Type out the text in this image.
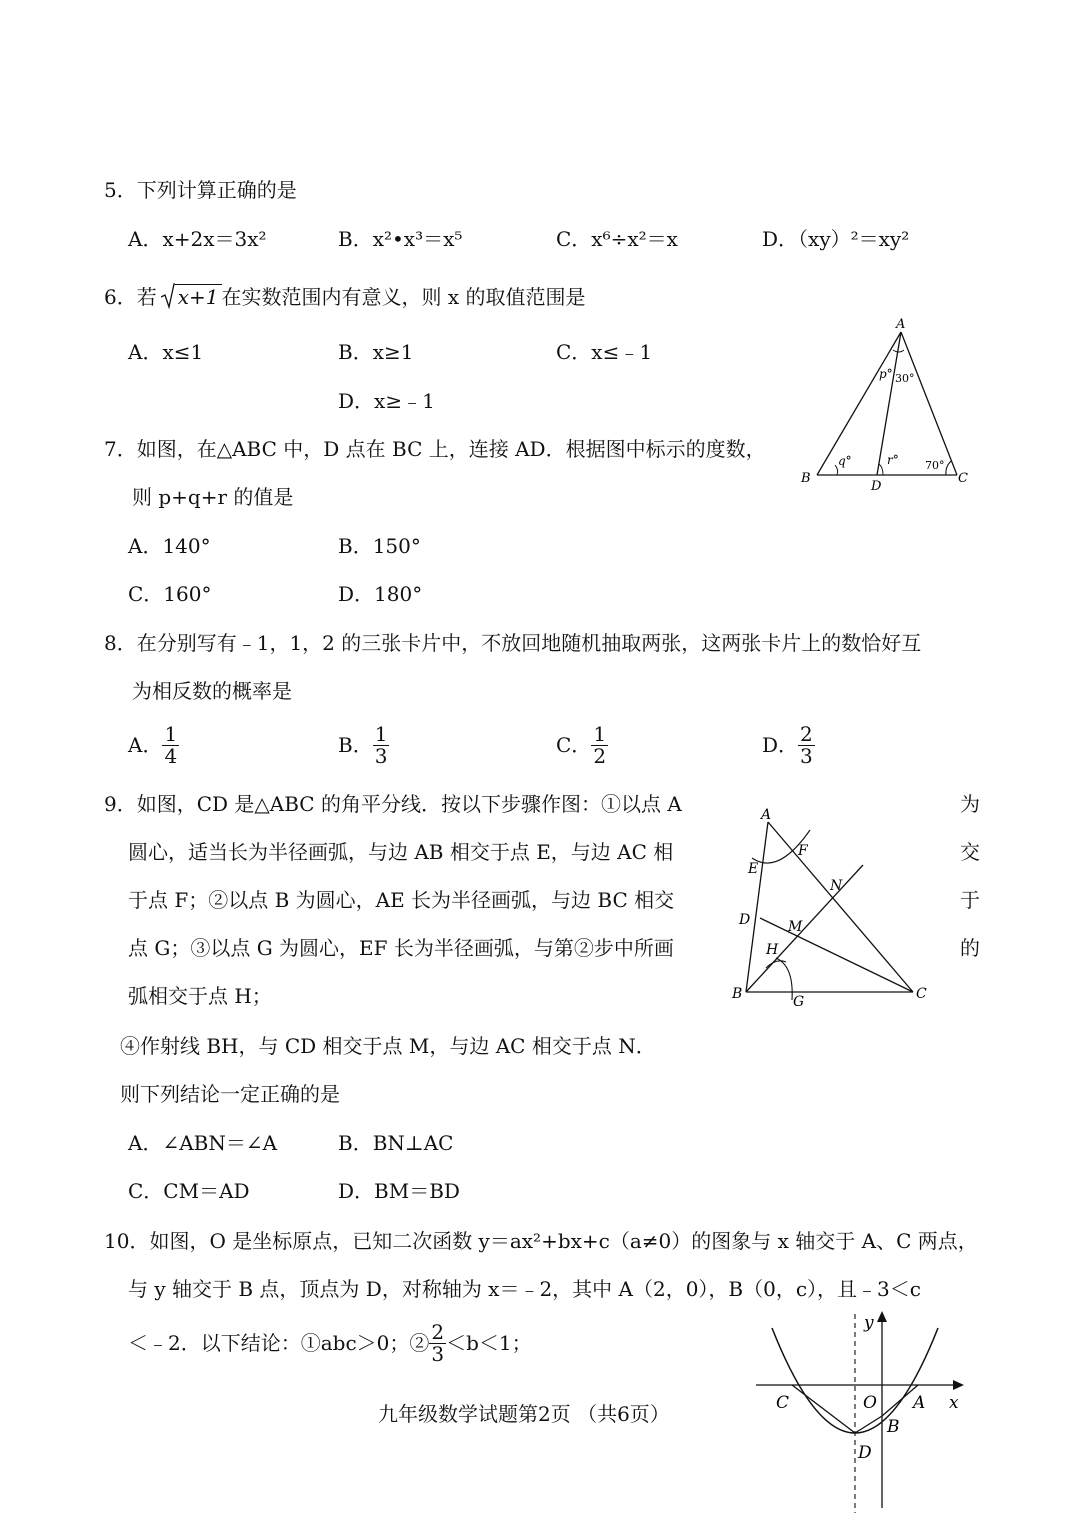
5．下列计算正确的是
A．x+2x＝3x²	B．x²•x³＝x⁵	C．x⁶÷x²＝x	D．（xy）²＝xy²
6．若 x+1 在实数范围内有意义，则 x 的取值范围是
A．x≤1	B．x≥1	C．x≤﹣1
D．x≥﹣1
A
B	C
D
p° 30°
q°	r° 70°
7．如图，在△ABC 中，D 点在 BC 上，连接 AD．根据图中标示的度数，
则 p+q+r 的值是
A．140°	B．150°
C．160°	D．180°
8．在分别写有﹣1，1，2 的三张卡片中，不放回地随机抽取两张，这两张卡片上的数恰好互
为相反数的概率是
A． $\frac{1}{4}$	B． $\frac{1}{3}$	C． $\frac{1}{2}$	D． $\frac{2}{3}$
9．如图，CD 是△ABC 的角平分线．按以下步骤作图：①以点 A	为
圆心，适当长为半径画弧，与边 AB 相交于点 E，与边 AC 相	交
于点 F；②以点 B 为圆心，AE 长为半径画弧，与边 BC 相交	于
点 G；③以点 G 为圆心，EF 长为半径画弧，与第②步中所画	的
弧相交于点 H；
④作射线 BH，与 CD 相交于点 M，与边 AC 相交于点 N．
则下列结论一定正确的是
A．∠ABN＝∠A	B．BN⊥AC
C．CM＝AD	D．BM＝BD
A
B	C
D
E
F
G
H
M
N
10．如图，O 是坐标原点，已知二次函数 y＝ax²+bx+c（a≠0）的图象与 x 轴交于 A、C 两点，
与 y 轴交于 B 点，顶点为 D，对称轴为 x＝﹣2，其中 A（2，0），B（0，c），且﹣3＜c
＜﹣2．以下结论：①abc＞0；② $\frac{2}{3} <b<1$；
y
x
C	O A
B
D
九年级数学试题第2页 （共6页）
